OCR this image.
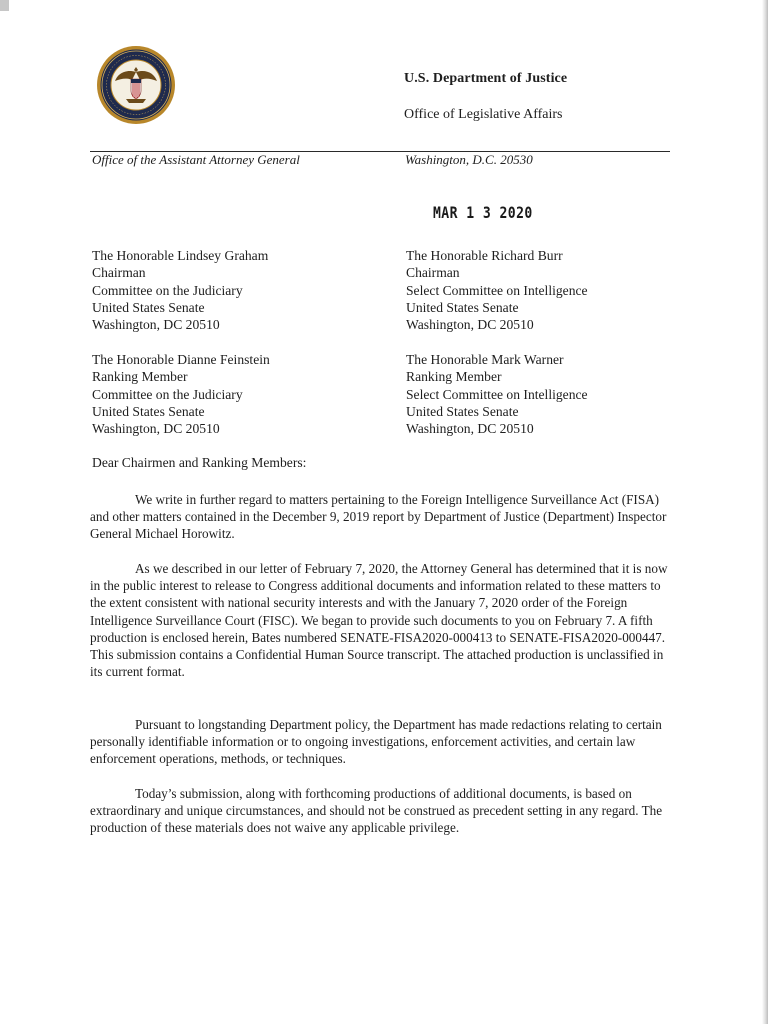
U.S. Department of Justice
Office of Legislative Affairs
Office of the Assistant Attorney General	Washington, D.C. 20530
MAR 1 3 2020
The Honorable Lindsey Graham
Chairman
Committee on the Judiciary
United States Senate
Washington, DC 20510
The Honorable Richard Burr
Chairman
Select Committee on Intelligence
United States Senate
Washington, DC 20510
The Honorable Dianne Feinstein
Ranking Member
Committee on the Judiciary
United States Senate
Washington, DC 20510
The Honorable Mark Warner
Ranking Member
Select Committee on Intelligence
United States Senate
Washington, DC 20510
Dear Chairmen and Ranking Members:

We write in further regard to matters pertaining to the Foreign Intelligence Surveillance Act (FISA) and other matters contained in the December 9, 2019 report by Department of Justice (Department) Inspector General Michael Horowitz.

As we described in our letter of February 7, 2020, the Attorney General has determined that it is now in the public interest to release to Congress additional documents and information related to these matters to the extent consistent with national security interests and with the January 7, 2020 order of the Foreign Intelligence Surveillance Court (FISC). We began to provide such documents to you on February 7. A fifth production is enclosed herein, Bates numbered SENATE-FISA2020-000413 to SENATE-FISA2020-000447. This submission contains a Confidential Human Source transcript. The attached production is unclassified in its current format.

Pursuant to longstanding Department policy, the Department has made redactions relating to certain personally identifiable information or to ongoing investigations, enforcement activities, and certain law enforcement operations, methods, or techniques.

Today’s submission, along with forthcoming productions of additional documents, is based on extraordinary and unique circumstances, and should not be construed as precedent setting in any regard. The production of these materials does not waive any applicable privilege.
